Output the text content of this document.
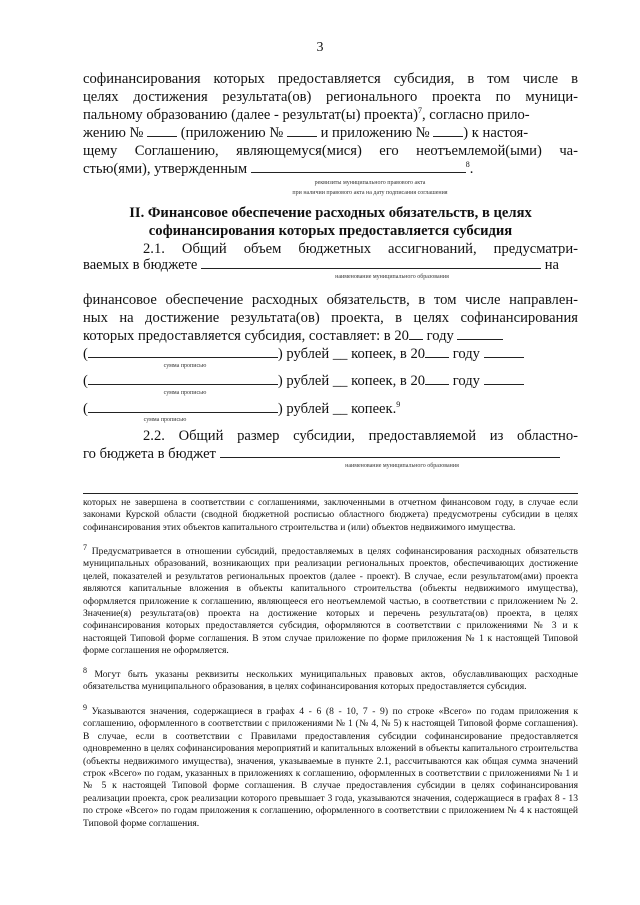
3
софинансирования которых предоставляется субсидия, в том числе в
целях достижения результата(ов) регионального проекта по муници-
пальному образованию (далее - результат(ы) проекта)$^7$, согласно прило-
жению №	(приложению №	и приложению № ) к настоя-
щему Соглашению, являющемуся(мися) его неотъемлемой(ыми) ча-
стью(ями), утвержденным	$^8$.
реквизиты муниципального правового акта
при наличии правового акта на дату подписания соглашения
II. Финансовое обеспечение расходных обязательств, в целях
софинансирования которых предоставляется субсидия
2.1. Общий объем бюджетных ассигнований, предусматри-
ваемых в бюджете	на
наименование муниципального образования
финансовое обеспечение расходных обязательств, в том числе направлен-
ных на достижение результата(ов) проекта, в целях софинансирования
которых предоставляется субсидия, составляет: в 20 году
(	) рублей __ копеек, в 20 году
сумма прописью
(	) рублей __ копеек, в 20 году
сумма прописью
(	) рублей __ копеек.$^9$
сумма прописью
2.2. Общий размер субсидии, предоставляемой из областно-
го бюджета в бюджет
наименование муниципального образования
которых не завершена в соответствии с соглашениями, заключенными в отчетном финансовом году, в случае если законами Курской области (сводной бюджетной росписью областного бюджета) предусмотрены субсидии в целях софинансирования этих объектов капитального строительства и (или) объектов недвижимого имущества.
$^7$ Предусматривается в отношении субсидий, предоставляемых в целях софинансирования расходных обязательств муниципальных образований, возникающих при реализации региональных проектов, обеспечивающих достижение целей, показателей и результатов региональных проектов (далее - проект). В случае, если результатом(ами) проекта являются капитальные вложения в объекты капитального строительства (объекты недвижимого имущества), оформляется приложение к соглашению, являющееся его неотъемлемой частью, в соответствии с приложением № 2. Значение(я) результата(ов) проекта на достижение которых и перечень результата(ов) проекта, в целях софинансирования которых предоставляется субсидия, оформляются в соответствии с приложениями № 3 и к настоящей Типовой форме соглашения. В этом случае приложение по форме приложения № 1 к настоящей Типовой форме соглашения не оформляется.
$^8$ Могут быть указаны реквизиты нескольких муниципальных правовых актов, обуславливающих расходные обязательства муниципального образования, в целях софинансирования которых предоставляется субсидия.
$^9$ Указываются значения, содержащиеся в графах 4 - 6 (8 - 10, 7 - 9) по строке «Всего» по годам приложения к соглашению, оформленного в соответствии с приложениями № 1 (№ 4, № 5) к настоящей Типовой форме соглашения). В случае, если в соответствии с Правилами предоставления субсидии софинансирование предоставляется одновременно в целях софинансирования мероприятий и капитальных вложений в объекты капитального строительства (объекты недвижимого имущества), значения, указываемые в пункте 2.1, рассчитываются как общая сумма значений строк «Всего» по годам, указанных в приложениях к соглашению, оформленных в соответствии с приложениями № 1 и № 5 к настоящей Типовой форме соглашения. В случае предоставления субсидии в целях софинансирования реализации проекта, срок реализации которого превышает 3 года, указываются значения, содержащиеся в графах 8 - 13 по строке «Всего» по годам приложения к соглашению, оформленного в соответствии с приложением № 4 к настоящей Типовой форме соглашения.
